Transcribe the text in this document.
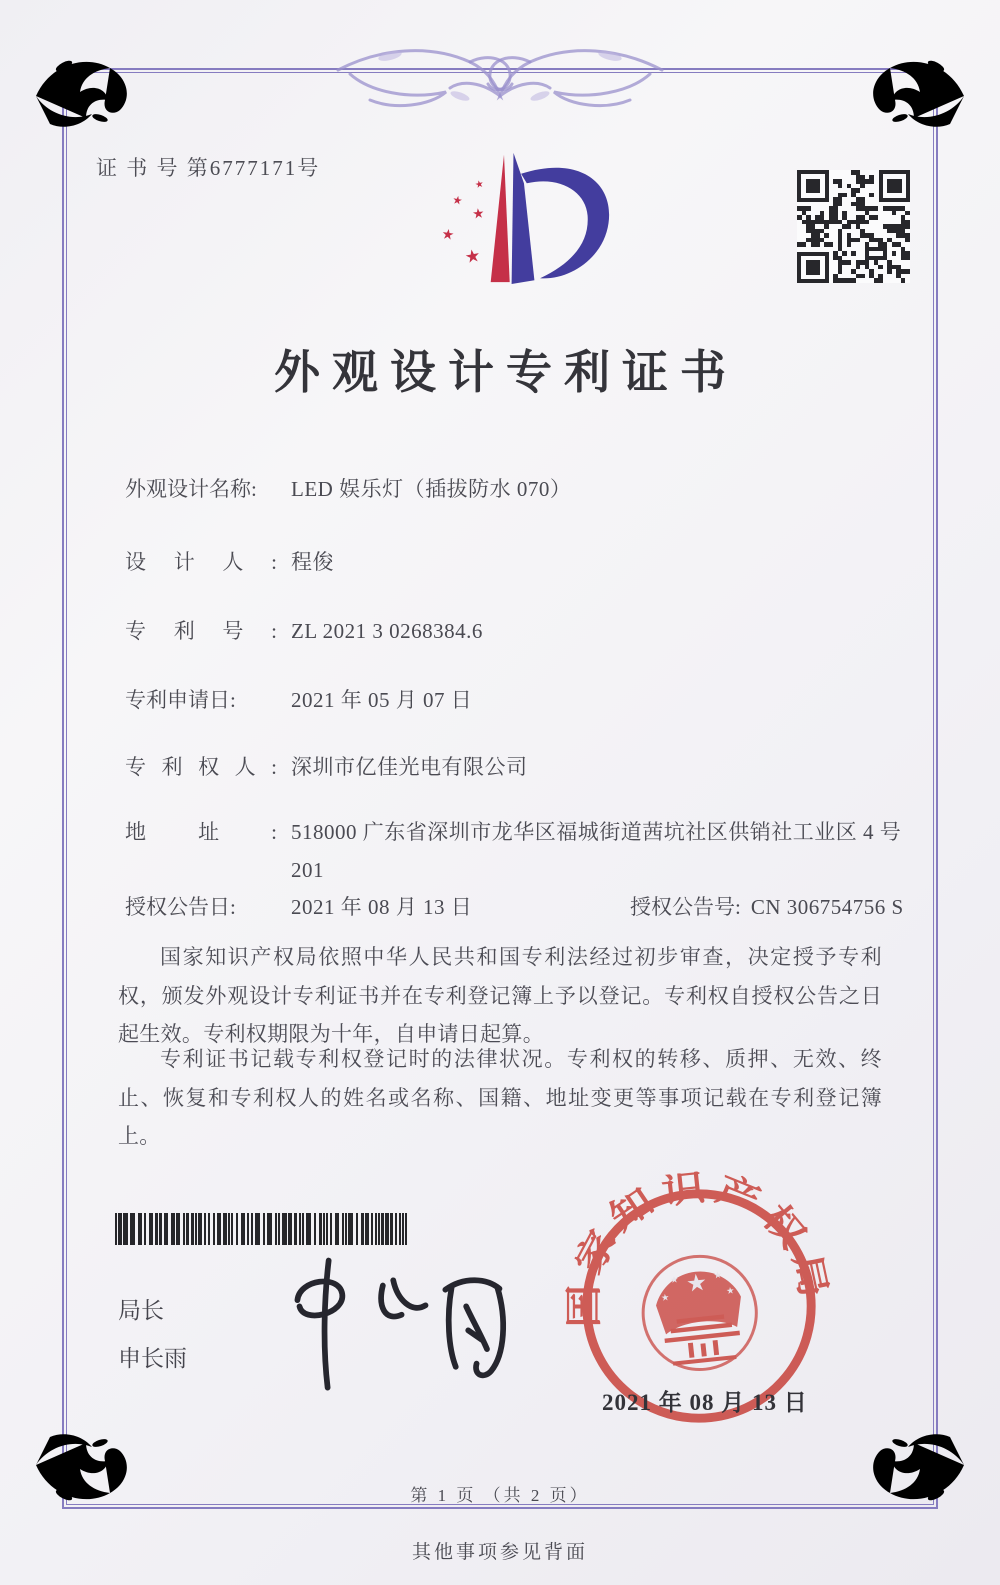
证 书 号 第6777171号
外观设计专利证书
外观设计名称:	LED 娱乐灯（插拔防水 070）
设计人: 程俊
专利号: ZL 2021 3 0268384.6
专利申请日:	2021 年 05 月 07 日
专利权人: 深圳市亿佳光电有限公司
地址: 518000 广东省深圳市龙华区福城街道茜坑社区供销社工业区 4 号 201
授权公告日:	2021 年 08 月 13 日	授权公告号: CN 306754756 S
国家知识产权局依照中华人民共和国专利法经过初步审查，决定授予专利权，颁发外观设计专利证书并在专利登记簿上予以登记。专利权自授权公告之日起生效。专利权期限为十年，自申请日起算。
专利证书记载专利权登记时的法律状况。专利权的转移、质押、无效、终止、恢复和专利权人的姓名或名称、国籍、地址变更等事项记载在专利登记簿上。
局长
申长雨
国家知识产权局
2021 年 08 月 13 日
第 1 页 （共 2 页）
其他事项参见背面
